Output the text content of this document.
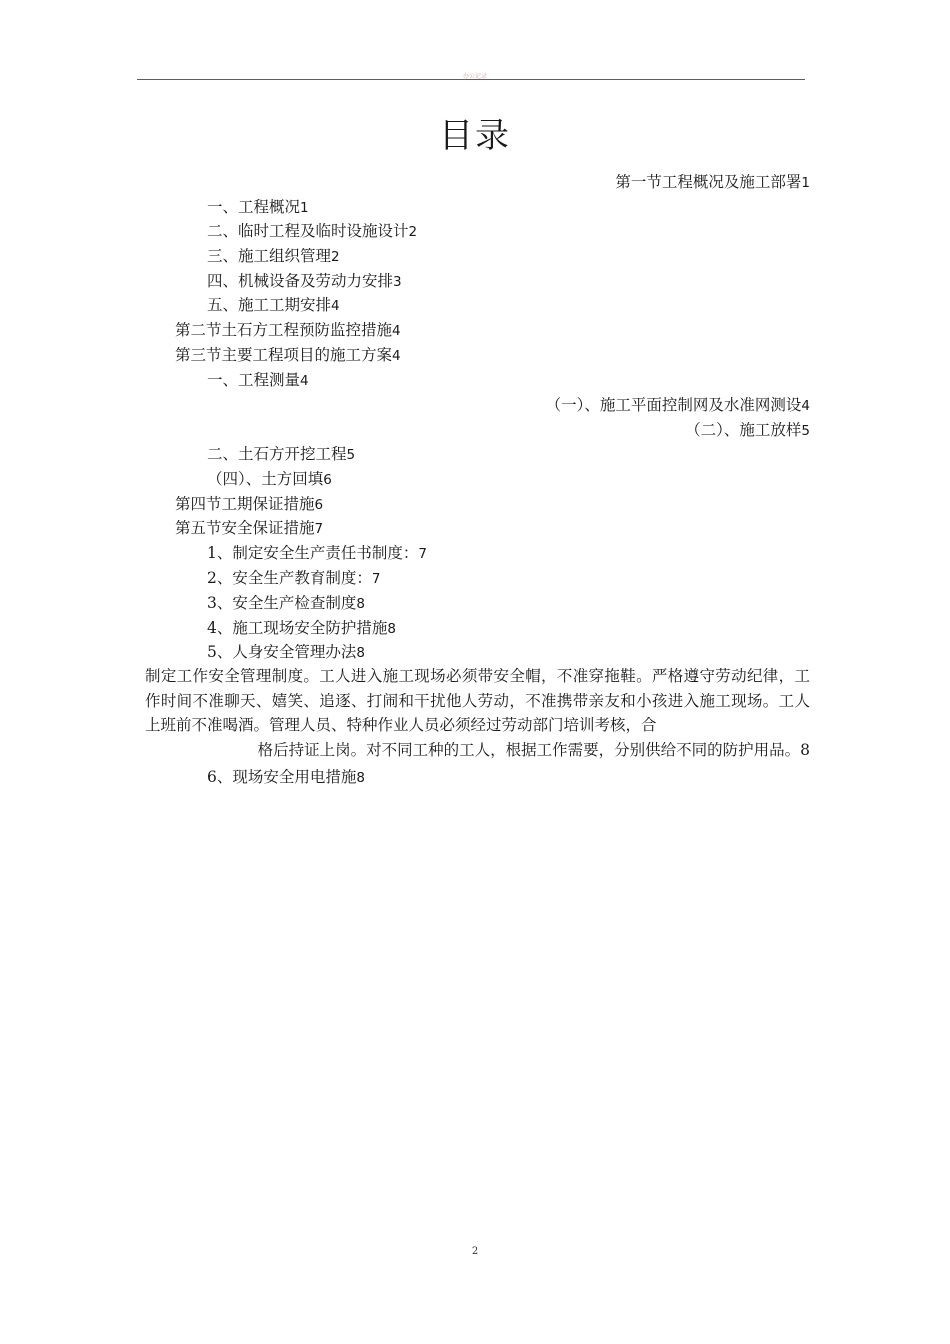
办公记录
目录
第一节工程概况及施工部署1
一、工程概况1
二、临时工程及临时设施设计2
三、施工组织管理2
四、机械设备及劳动力安排3
五、施工工期安排4
第二节土石方工程预防监控措施4
第三节主要工程项目的施工方案4
一、工程测量4
（一）、施工平面控制网及水准网测设4
（二）、施工放样5
二、土石方开挖工程5
（四）、土方回填6
第四节工期保证措施6
第五节安全保证措施7
1、制定安全生产责任书制度：7
2、安全生产教育制度：7
3、安全生产检查制度8
4、施工现场安全防护措施8
5、人身安全管理办法8
6、现场安全用电措施8
制定工作安全管理制度。工人进入施工现场必须带安全帽，不准穿拖鞋。严格遵守劳动纪律，工作时间不准聊天、嬉笑、追逐、打闹和干扰他人劳动，不准携带亲友和小孩进入施工现场。工人上班前不准喝酒。管理人员、特种作业人员必须经过劳动部门培训考核，合
格后持证上岗。对不同工种的工人，根据工作需要，分别供给不同的防护用品。8
2
